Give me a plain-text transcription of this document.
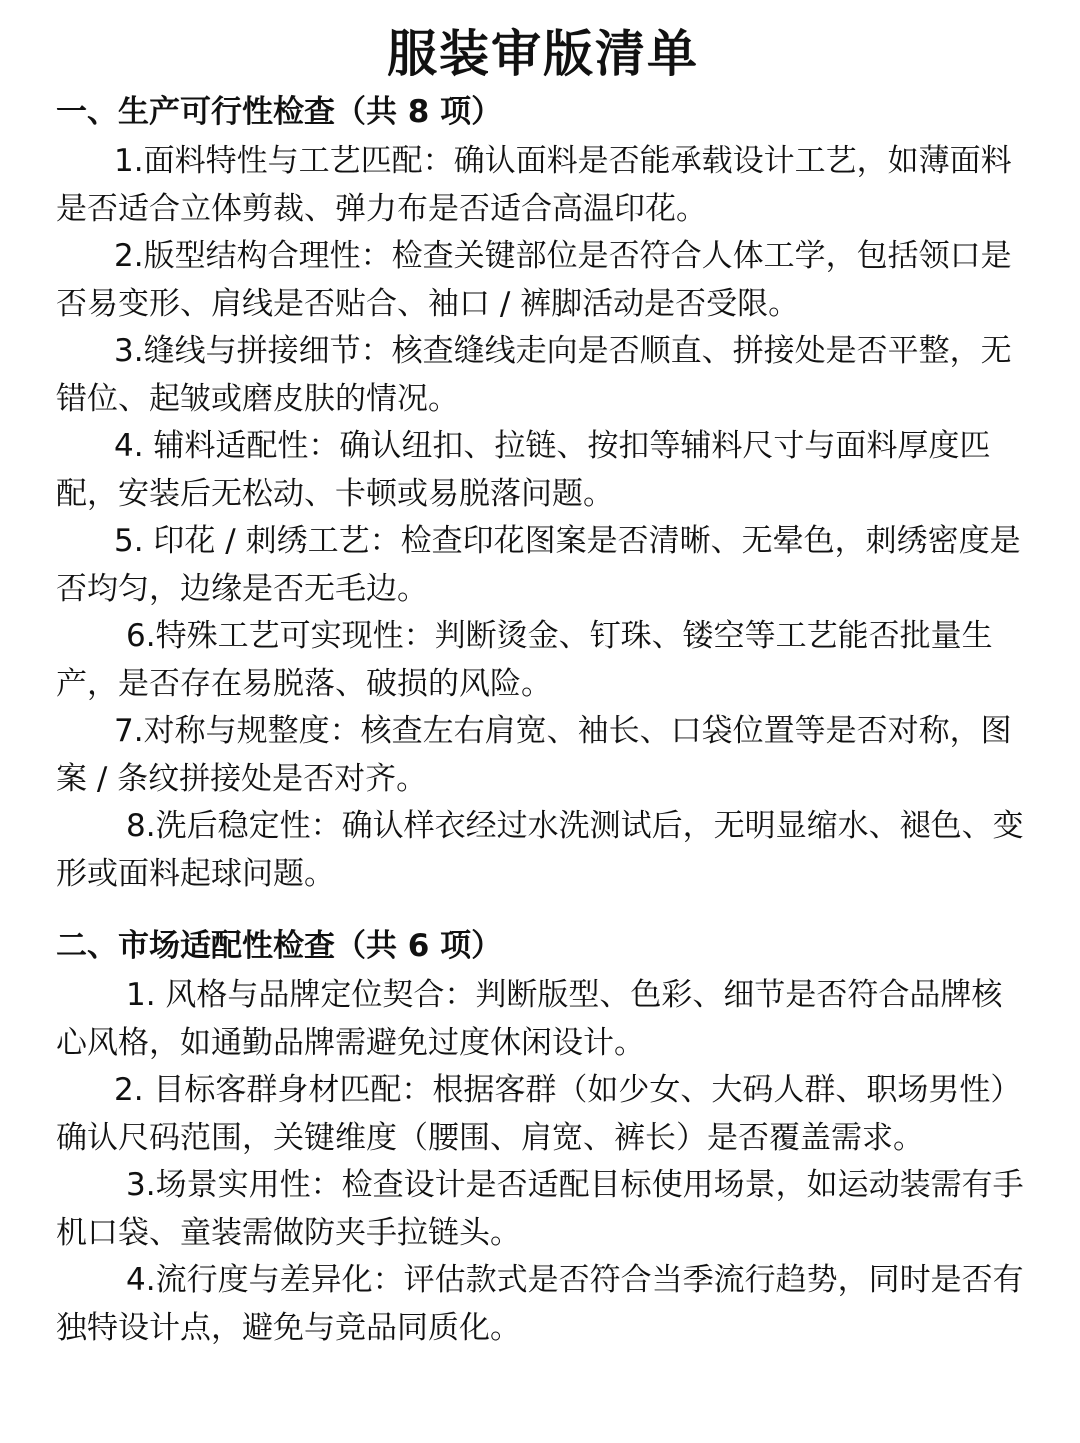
服装审版清单
一、生产可行性检查（共 8 项）

1.面料特性与工艺匹配：确认面料是否能承载设计工艺，如薄面料是否适合立体剪裁、弹力布是否适合高温印花。

2.版型结构合理性：检查关键部位是否符合人体工学，包括领口是否易变形、肩线是否贴合、袖口 / 裤脚活动是否受限。

3.缝线与拼接细节：核查缝线走向是否顺直、拼接处是否平整，无错位、起皱或磨皮肤的情况。

4. 辅料适配性：确认纽扣、拉链、按扣等辅料尺寸与面料厚度匹配，安装后无松动、卡顿或易脱落问题。

5. 印花 / 刺绣工艺：检查印花图案是否清晰、无晕色，刺绣密度是否均匀，边缘是否无毛边。

6.特殊工艺可实现性：判断烫金、钉珠、镂空等工艺能否批量生产，是否存在易脱落、破损的风险。

7.对称与规整度：核查左右肩宽、袖长、口袋位置等是否对称，图案 / 条纹拼接处是否对齐。

8.洗后稳定性：确认样衣经过水洗测试后，无明显缩水、褪色、变形或面料起球问题。

二、市场适配性检查（共 6 项）

1. 风格与品牌定位契合：判断版型、色彩、细节是否符合品牌核心风格，如通勤品牌需避免过度休闲设计。

2. 目标客群身材匹配：根据客群（如少女、大码人群、职场男性）确认尺码范围，关键维度（腰围、肩宽、裤长）是否覆盖需求。

3.场景实用性：检查设计是否适配目标使用场景，如运动装需有手机口袋、童装需做防夹手拉链头。

4.流行度与差异化：评估款式是否符合当季流行趋势，同时是否有独特设计点，避免与竞品同质化。
